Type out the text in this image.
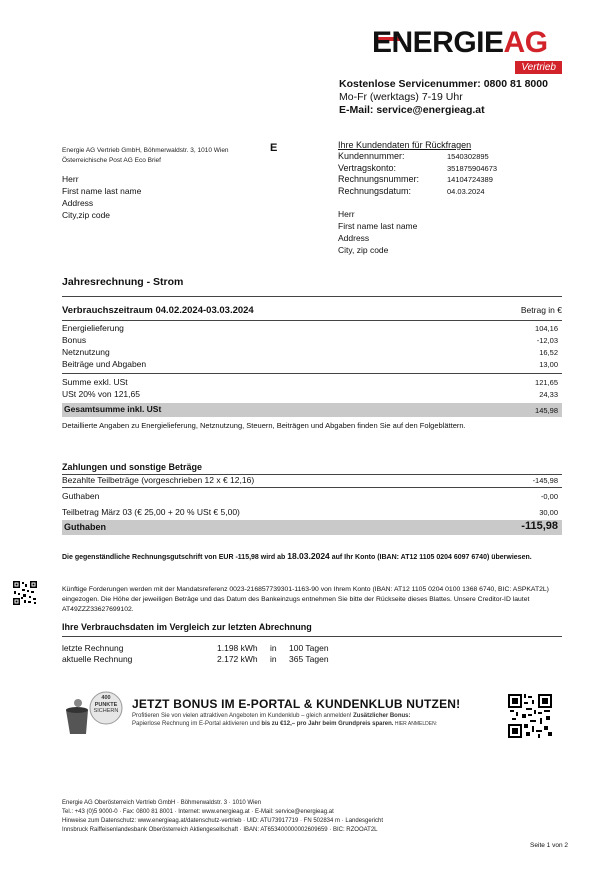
ENERGIEAG
Vertrieb
Kostenlose Servicenummer: 0800 81 8000
Mo-Fr (werktags) 7-19 Uhr
E-Mail: service@energieag.at
Energie AG Vertrieb GmbH, Böhmerwaldstr. 3, 1010 Wien
Österreichische Post AG Eco Brief
E
Herr
First name last name
Address
City,zip code
Ihre Kundendaten für Rückfragen
Kundennummer:	1540302895
Vertragskonto:	351875904673
Rechnungsnummer:	14104724389
Rechnungsdatum:	04.03.2024
Herr
First name last name
Address
City, zip code
Jahresrechnung - Strom
Verbrauchszeitraum 04.02.2024-03.03.2024	Betrag in €
Energielieferung	104,16
Bonus	-12,03
Netznutzung	16,52
Beiträge und Abgaben	13,00
Summe exkl. USt	121,65
USt 20% von 121,65	24,33
Gesamtsumme inkl. USt	145,98
Detaillierte Angaben zu Energielieferung, Netznutzung, Steuern, Beiträgen und Abgaben finden Sie auf den Folgeblättern.
Zahlungen und sonstige Beträge
Bezahlte Teilbeträge (vorgeschrieben 12 x € 12,16)	-145,98
Guthaben	-0,00
Teilbetrag März 03 (€ 25,00 + 20 % USt € 5,00)	30,00
Guthaben	-115,98
Die gegenständliche Rechnungsgutschrift von EUR -115,98 wird ab 18.03.2024 auf Ihr Konto (IBAN: AT12 1105 0204 6097 6740) überwiesen.
Künftige Forderungen werden mit der Mandatsreferenz 0023-216857739301-1163-90 von Ihrem Konto (IBAN: AT12 1105 0204 0100 1368 6740, BIC: ASPKAT2L) eingezogen. Die Höhe der jeweiligen Beträge und das Datum des Bankeinzugs entnehmen Sie bitte der Rückseite dieses Blattes. Unsere Creditor-ID lautet AT49ZZZ33627699102.
Ihre Verbrauchsdaten im Vergleich zur letzten Abrechnung
letzte Rechnung	1.198 kWh in 100 Tagen
aktuelle Rechnung	2.172 kWh in 365 Tagen
400
PUNKTE
SICHERN	JETZT BONUS IM E-PORTAL & KUNDENKLUB NUTZEN!
Profitieren Sie von vielen attraktiven Angeboten im Kundenklub – gleich anmelden! Zusätzlicher Bonus:
Papierlose Rechnung im E-Portal aktivieren und bis zu €12,– pro Jahr beim Grundpreis sparen. HIER ANMELDEN:
Energie AG Oberösterreich Vertrieb GmbH · Böhmerwaldstr. 3 · 1010 Wien
Tel.: +43 (0)5 9000-0 · Fax: 0800 81 8001 · Internet: www.energieag.at · E-Mail: service@energieag.at
Hinweise zum Datenschutz: www.energieag.at/datenschutz-vertrieb · UID: ATU73917719 · FN 502834 m · Landesgericht
Innsbruck Raiffeisenlandesbank Oberösterreich Aktiengesellschaft · IBAN: AT653400000002609659 · BIC: RZOOAT2L
Seite 1 von 2
